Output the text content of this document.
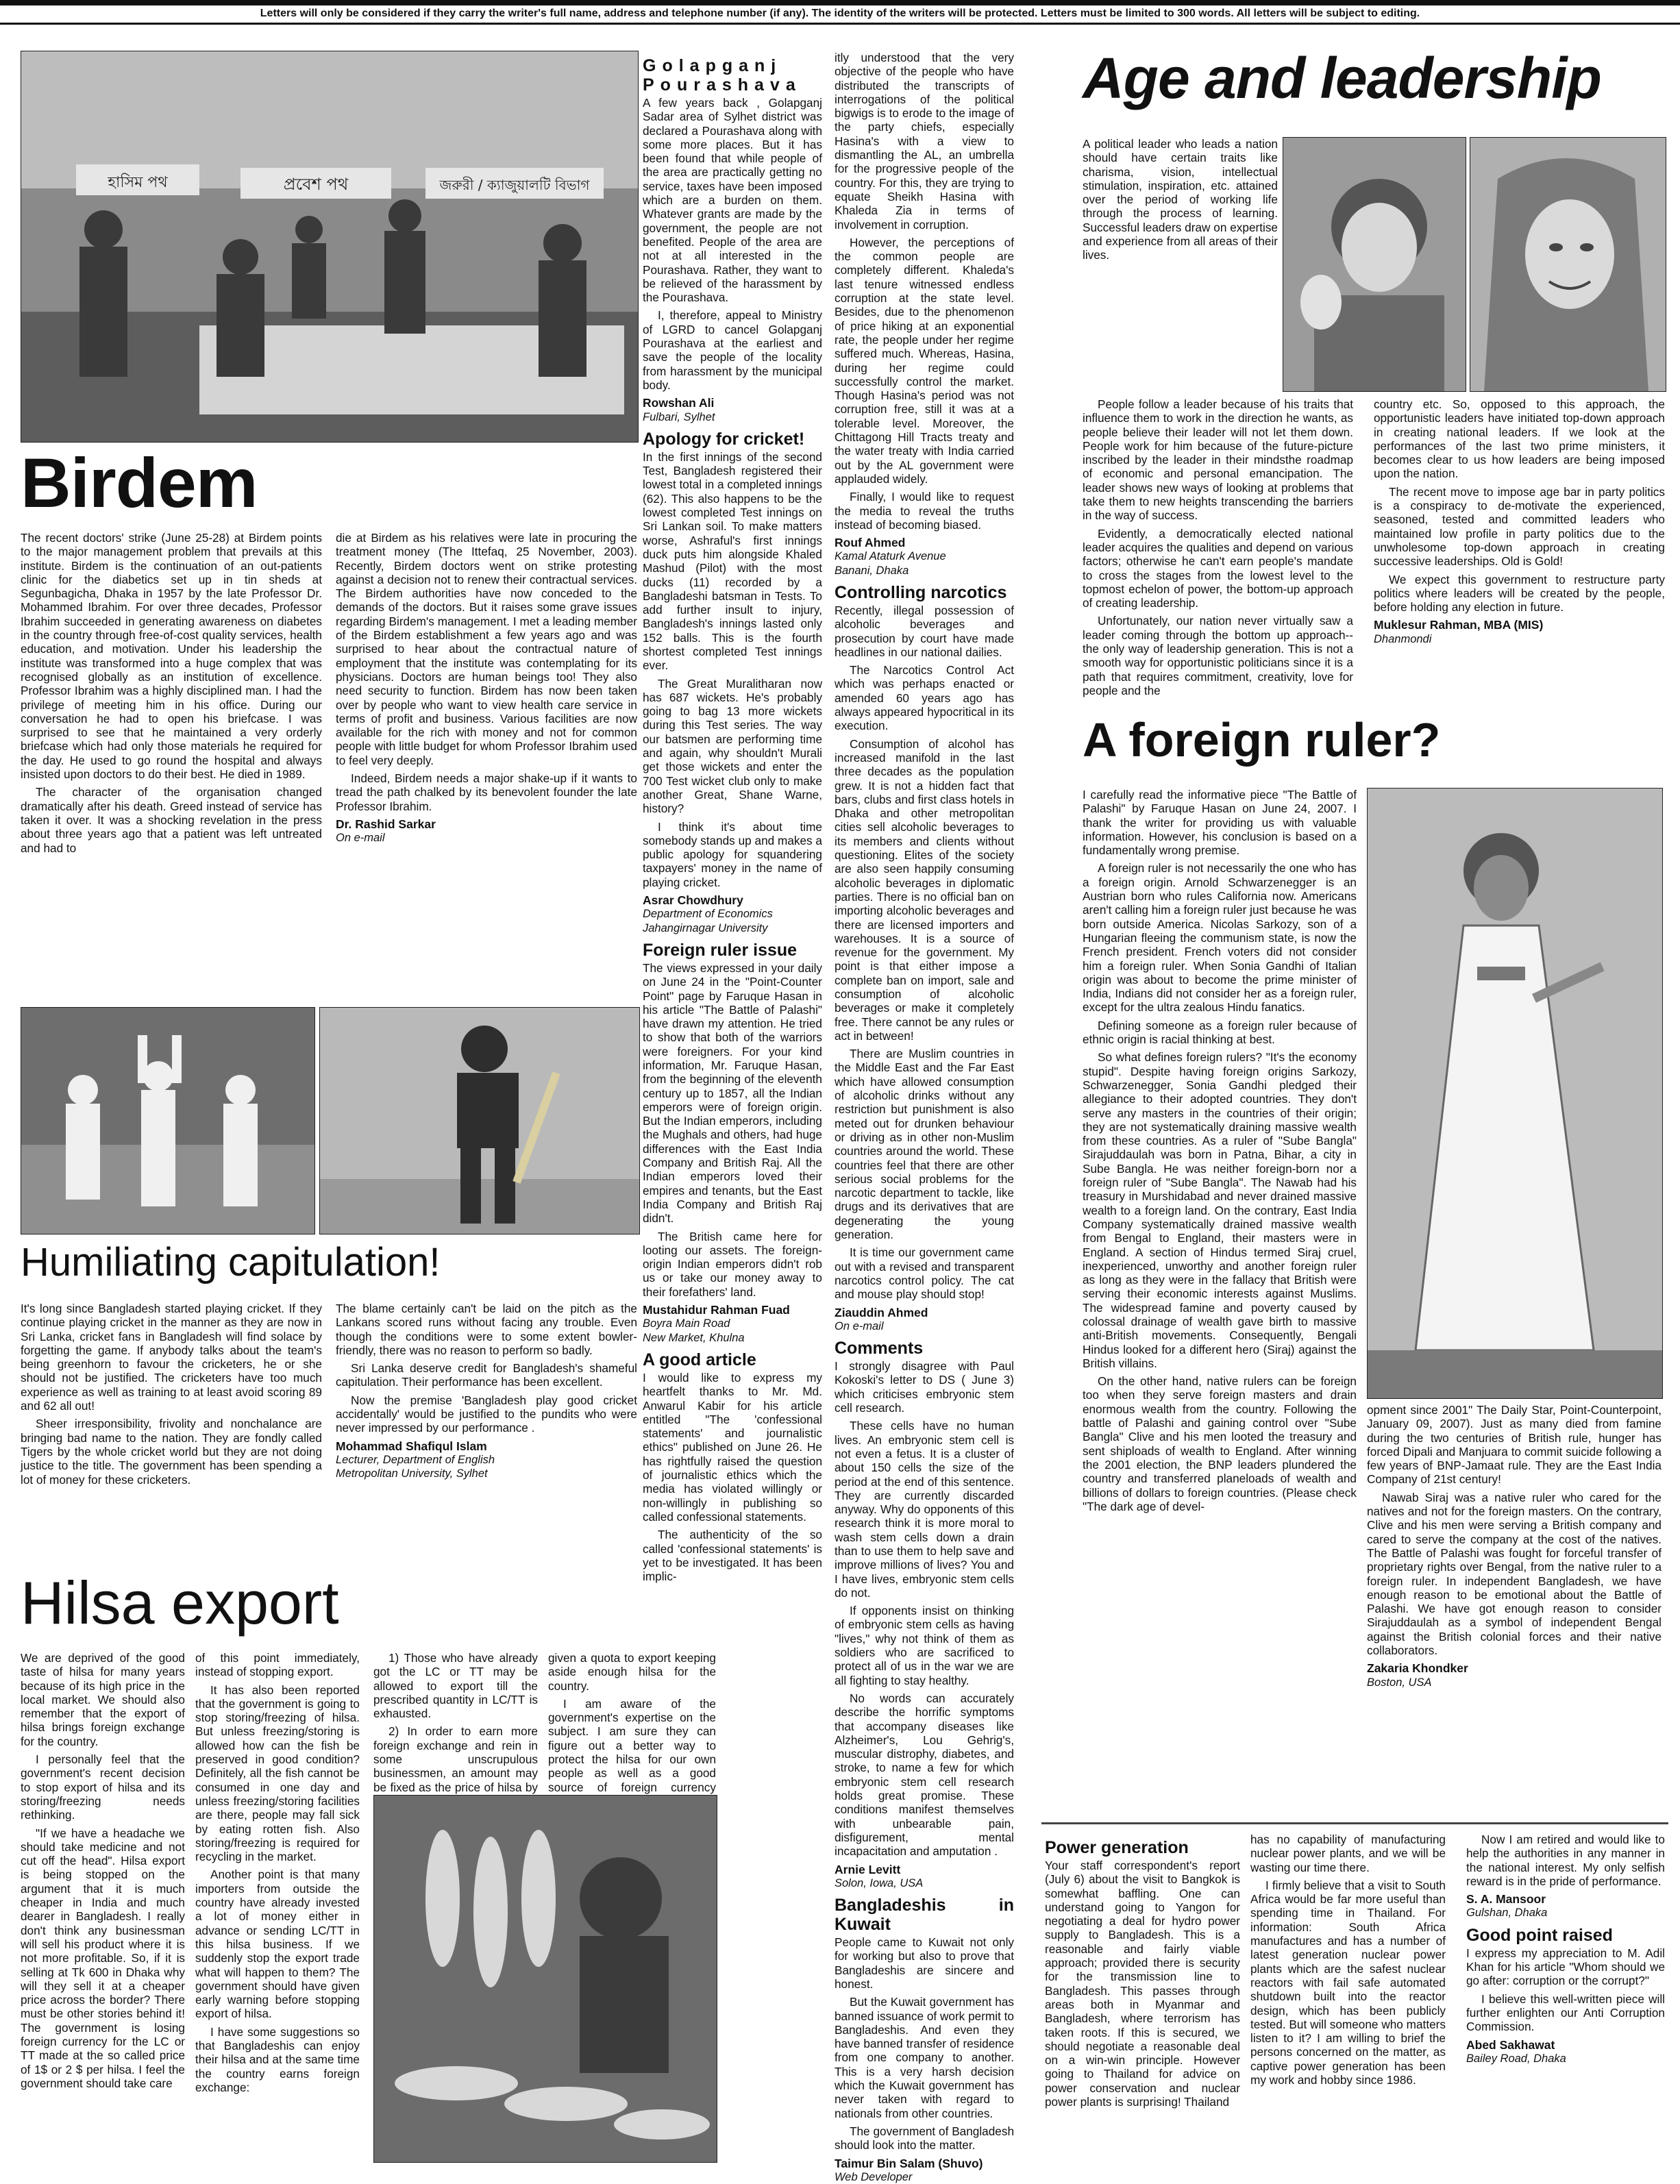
Letters will only be considered if they carry the writer's full name, address and telephone number (if any). The identity of the writers will be protected. Letters must be limited to 300 words. All letters will be subject to editing.
হাসিম পথ	প্রবেশ পথ	জরুরী / ক্যাজুয়ালটি বিভাগ
Birdem

The recent doctors' strike (June 25-28) at Birdem points to the major management problem that prevails at this institute. Birdem is the continuation of an out-patients clinic for the diabetics set up in tin sheds at Segunbagicha, Dhaka in 1957 by the late Professor Dr. Mohammed Ibrahim. For over three decades, Professor Ibrahim succeeded in generating awareness on diabetes in the country through free-of-cost quality services, health education, and motivation. Under his leadership the institute was transformed into a huge complex that was recognised globally as an institution of excellence. Professor Ibrahim was a highly disciplined man. I had the privilege of meeting him in his office. During our conversation he had to open his briefcase. I was surprised to see that he maintained a very orderly briefcase which had only those materials he required for the day. He used to go round the hospital and always insisted upon doctors to do their best. He died in 1989.

The character of the organisation changed dramatically after his death. Greed instead of service has taken it over. It was a shocking revelation in the press about three years ago that a patient was left untreated and had to

die at Birdem as his relatives were late in procuring the treatment money (The Ittefaq, 25 November, 2003). Recently, Birdem doctors went on strike protesting against a decision not to renew their contractual services. The Birdem authorities have now conceded to the demands of the doctors. But it raises some grave issues regarding Birdem's management. I met a leading member of the Birdem establishment a few years ago and was surprised to hear about the contractual nature of employment that the institute was contemplating for its physicians. Doctors are human beings too! They also need security to function. Birdem has now been taken over by people who want to view health care service in terms of profit and business. Various facilities are now available for the rich with money and not for common people with little budget for whom Professor Ibrahim used to feel very deeply.

Indeed, Birdem needs a major shake-up if it wants to tread the path chalked by its benevolent founder the late Professor Ibrahim.

Dr. Rashid Sarkar
On e-mail
Humiliating capitulation!

It's long since Bangladesh started playing cricket. If they continue playing cricket in the manner as they are now in Sri Lanka, cricket fans in Bangladesh will find solace by forgetting the game. If anybody talks about the team's being greenhorn to favour the cricketers, he or she should not be justified. The cricketers have too much experience as well as training to at least avoid scoring 89 and 62 all out!

Sheer irresponsibility, frivolity and nonchalance are bringing bad name to the nation. They are fondly called Tigers by the whole cricket world but they are not doing justice to the title. The government has been spending a lot of money for these cricketers.

The blame certainly can't be laid on the pitch as the Lankans scored runs without facing any trouble. Even though the conditions were to some extent bowler-friendly, there was no reason to perform so badly.

Sri Lanka deserve credit for Bangladesh's shameful capitulation. Their performance has been excellent.

Now the premise 'Bangladesh play good cricket accidentally' would be justified to the pundits who were never impressed by our performance .

Mohammad Shafiqul Islam
Lecturer, Department of English
Metropolitan University, Sylhet
Hilsa export

We are deprived of the good taste of hilsa for many years because of its high price in the local market. We should also remember that the export of hilsa brings foreign exchange for the country.

I personally feel that the government's recent decision to stop export of hilsa and its storing/freezing needs rethinking.

"If we have a headache we should take medicine and not cut off the head". Hilsa export is being stopped on the argument that it is much cheaper in India and much dearer in Bangladesh. I really don't think any businessman will sell his product where it is not more profitable. So, if it is selling at Tk 600 in Dhaka why will they sell it at a cheaper price across the border? There must be other stories behind it! The government is losing foreign currency for the LC or TT made at the so called price of 1$ or 2 $ per hilsa. I feel the government should take care

of this point immediately, instead of stopping export.

It has also been reported that the government is going to stop storing/freezing of hilsa. But unless freezing/storing is allowed how can the fish be preserved in good condition? Definitely, all the fish cannot be consumed in one day and unless freezing/storing facilities are there, people may fall sick by eating rotten fish. Also storing/freezing is required for recycling in the market.

Another point is that many importers from outside the country have already invested a lot of money either in advance or sending LC/TT in this hilsa business. If we suddenly stop the export trade what will happen to them? The government should have given early warning before stopping export of hilsa.

I have some suggestions so that Bangladeshis can enjoy their hilsa and at the same time the country earns foreign exchange:

1) Those who have already got the LC or TT may be allowed to export till the prescribed quantity in LC/TT is exhausted.

2) In order to earn more foreign exchange and rein in some unscrupulous businessmen, an amount may be fixed as the price of hilsa by

given a quota to export keeping aside enough hilsa for the country.

I am aware of the government's expertise on the subject. I am sure they can figure out a better way to protect the hilsa for our own people as well as a good source of foreign currency

Golapganj Pourashava

A few years back , Golapganj Sadar area of Sylhet district was declared a Pourashava along with some more places. But it has been found that while people of the area are practically getting no service, taxes have been imposed which are a burden on them. Whatever grants are made by the government, the people are not benefited. People of the area are not at all interested in the Pourashava. Rather, they want to be relieved of the harassment by the Pourashava.

I, therefore, appeal to Ministry of LGRD to cancel Golapganj Pourashava at the earliest and save the people of the locality from harassment by the municipal body.

Rowshan Ali
Fulbari, Sylhet
Apology for cricket!

In the first innings of the second Test, Bangladesh registered their lowest total in a completed innings (62). This also happens to be the lowest completed Test innings on Sri Lankan soil. To make matters worse, Ashraful's first innings duck puts him alongside Khaled Mashud (Pilot) with the most ducks (11) recorded by a Bangladeshi batsman in Tests. To add further insult to injury, Bangladesh's innings lasted only 152 balls. This is the fourth shortest completed Test innings ever.

The Great Muralitharan now has 687 wickets. He's probably going to bag 13 more wickets during this Test series. The way our batsmen are performing time and again, why shouldn't Murali get those wickets and enter the 700 Test wicket club only to make another Great, Shane Warne, history?

I think it's about time somebody stands up and makes a public apology for squandering taxpayers' money in the name of playing cricket.

Asrar Chowdhury
Department of Economics
Jahangirnagar University
Foreign ruler issue

The views expressed in your daily on June 24 in the "Point-Counter Point" page by Faruque Hasan in his article "The Battle of Palashi" have drawn my attention. He tried to show that both of the warriors were foreigners. For your kind information, Mr. Faruque Hasan, from the beginning of the eleventh century up to 1857, all the Indian emperors were of foreign origin. But the Indian emperors, including the Mughals and others, had huge differences with the East India Company and British Raj. All the Indian emperors loved their empires and tenants, but the East India Company and British Raj didn't.

The British came here for looting our assets. The foreign-origin Indian emperors didn't rob us or take our money away to their forefathers' land.

Mustahidur Rahman Fuad
Boyra Main Road
New Market, Khulna
A good article

I would like to express my heartfelt thanks to Mr. Md. Anwarul Kabir for his article entitled "The 'confessional statements' and journalistic ethics" published on June 26. He has rightfully raised the question of journalistic ethics which the media has violated willingly or non-willingly in publishing so called confessional statements.

The authenticity of the so called 'confessional statements' is yet to be investigated. It has been implic-

itly understood that the very objective of the people who have distributed the transcripts of interrogations of the political bigwigs is to erode to the image of the party chiefs, especially Hasina's with a view to dismantling the AL, an umbrella for the progressive people of the country. For this, they are trying to equate Sheikh Hasina with Khaleda Zia in terms of involvement in corruption.

However, the perceptions of the common people are completely different. Khaleda's last tenure witnessed endless corruption at the state level. Besides, due to the phenomenon of price hiking at an exponential rate, the people under her regime suffered much. Whereas, Hasina, during her regime could successfully control the market. Though Hasina's period was not corruption free, still it was at a tolerable level. Moreover, the Chittagong Hill Tracts treaty and the water treaty with India carried out by the AL government were applauded widely.

Finally, I would like to request the media to reveal the truths instead of becoming biased.

Rouf Ahmed
Kamal Ataturk Avenue
Banani, Dhaka
Controlling narcotics

Recently, illegal possession of alcoholic beverages and prosecution by court have made headlines in our national dailies.

The Narcotics Control Act which was perhaps enacted or amended 60 years ago has always appeared hypocritical in its execution.

Consumption of alcohol has increased manifold in the last three decades as the population grew. It is not a hidden fact that bars, clubs and first class hotels in Dhaka and other metropolitan cities sell alcoholic beverages to its members and clients without questioning. Elites of the society are also seen happily consuming alcoholic beverages in diplomatic parties. There is no official ban on importing alcoholic beverages and there are licensed importers and warehouses. It is a source of revenue for the government. My point is that either impose a complete ban on import, sale and consumption of alcoholic beverages or make it completely free. There cannot be any rules or act in between!

There are Muslim countries in the Middle East and the Far East which have allowed consumption of alcoholic drinks without any restriction but punishment is also meted out for drunken behaviour or driving as in other non-Muslim countries around the world. These countries feel that there are other serious social problems for the narcotic department to tackle, like drugs and its derivatives that are degenerating the young generation.

It is time our government came out with a revised and transparent narcotics control policy. The cat and mouse play should stop!

Ziauddin Ahmed
On e-mail
Comments

I strongly disagree with Paul Kokoski's letter to DS ( June 3) which criticises embryonic stem cell research.

These cells have no human lives. An embryonic stem cell is not even a fetus. It is a cluster of about 150 cells the size of the period at the end of this sentence. They are currently discarded anyway. Why do opponents of this research think it is more moral to wash stem cells down a drain than to use them to help save and improve millions of lives? You and I have lives, embryonic stem cells do not.

If opponents insist on thinking of embryonic stem cells as having "lives," why not think of them as soldiers who are sacrificed to protect all of us in the war we are all fighting to stay healthy.

No words can accurately describe the horrific symptoms that accompany diseases like Alzheimer's, Lou Gehrig's, muscular distrophy, diabetes, and stroke, to name a few for which embryonic stem cell research holds great promise. These conditions manifest themselves with unbearable pain, disfigurement, mental incapacitation and amputation .

Arnie Levitt
Solon, Iowa, USA
Bangladeshis in Kuwait

People came to Kuwait not only for working but also to prove that Bangladeshis are sincere and honest.

But the Kuwait government has banned issuance of work permit to Bangladeshis. And even they have banned transfer of residence from one company to another. This is a very harsh decision which the Kuwait government has never taken with regard to nationals from other countries.

The government of Bangladesh should look into the matter.

Taimur Bin Salam (Shuvo)
Web Developer
Age and leadership

A political leader who leads a nation should have certain traits like charisma, vision, intellectual stimulation, inspiration, etc. attained over the period of working life through the process of learning. Successful leaders draw on expertise and experience from all areas of their lives.

People follow a leader because of his traits that influence them to work in the direction he wants, as people believe their leader will not let them down. People work for him because of the future-picture inscribed by the leader in their mindsthe roadmap of economic and personal emancipation. The leader shows new ways of looking at problems that take them to new heights transcending the barriers in the way of success.

Evidently, a democratically elected national leader acquires the qualities and depend on various factors; otherwise he can't earn people's mandate to cross the stages from the lowest level to the topmost echelon of power, the bottom-up approach of creating leadership.

Unfortunately, our nation never virtually saw a leader coming through the bottom up approach-- the only way of leadership generation. This is not a smooth way for opportunistic politicians since it is a path that requires commitment, creativity, love for people and the

country etc. So, opposed to this approach, the opportunistic leaders have initiated top-down approach in creating national leaders. If we look at the performances of the last two prime ministers, it becomes clear to us how leaders are being imposed upon the nation.

The recent move to impose age bar in party politics is a conspiracy to de-motivate the experienced, seasoned, tested and committed leaders who maintained low profile in party politics due to the unwholesome top-down approach in creating successive leaderships. Old is Gold!

We expect this government to restructure party politics where leaders will be created by the people, before holding any election in future.

Muklesur Rahman, MBA (MIS)
Dhanmondi
A foreign ruler?

I carefully read the informative piece "The Battle of Palashi" by Faruque Hasan on June 24, 2007. I thank the writer for providing us with valuable information. However, his conclusion is based on a fundamentally wrong premise.

A foreign ruler is not necessarily the one who has a foreign origin. Arnold Schwarzenegger is an Austrian born who rules California now. Americans aren't calling him a foreign ruler just because he was born outside America. Nicolas Sarkozy, son of a Hungarian fleeing the communism state, is now the French president. French voters did not consider him a foreign ruler. When Sonia Gandhi of Italian origin was about to become the prime minister of India, Indians did not consider her as a foreign ruler, except for the ultra zealous Hindu fanatics.

Defining someone as a foreign ruler because of ethnic origin is racial thinking at best.

So what defines foreign rulers? "It's the economy stupid". Despite having foreign origins Sarkozy, Schwarzenegger, Sonia Gandhi pledged their allegiance to their adopted countries. They don't serve any masters in the countries of their origin; they are not systematically draining massive wealth from these countries. As a ruler of "Sube Bangla" Sirajuddaulah was born in Patna, Bihar, a city in Sube Bangla. He was neither foreign-born nor a foreign ruler of "Sube Bangla". The Nawab had his treasury in Murshidabad and never drained massive wealth to a foreign land. On the contrary, East India Company systematically drained massive wealth from Bengal to England, their masters were in England. A section of Hindus termed Siraj cruel, inexperienced, unworthy and another foreign ruler as long as they were in the fallacy that British were serving their economic interests against Muslims. The widespread famine and poverty caused by colossal drainage of wealth gave birth to massive anti-British movements. Consequently, Bengali Hindus looked for a different hero (Siraj) against the British villains.

On the other hand, native rulers can be foreign too when they serve foreign masters and drain enormous wealth from the country. Following the battle of Palashi and gaining control over "Sube Bangla" Clive and his men looted the treasury and sent shiploads of wealth to England. After winning the 2001 election, the BNP leaders plundered the country and transferred planeloads of wealth and billions of dollars to foreign countries. (Please check "The dark age of devel-

opment since 2001" The Daily Star, Point-Counterpoint, January 09, 2007). Just as many died from famine during the two centuries of British rule, hunger has forced Dipali and Manjuara to commit suicide following a few years of BNP-Jamaat rule. They are the East India Company of 21st century!

Nawab Siraj was a native ruler who cared for the natives and not for the foreign masters. On the contrary, Clive and his men were serving a British company and cared to serve the company at the cost of the natives. The Battle of Palashi was fought for forceful transfer of proprietary rights over Bengal, from the native ruler to a foreign ruler. In independent Bangladesh, we have enough reason to be emotional about the Battle of Palashi. We have got enough reason to consider Sirajuddaulah as a symbol of independent Bengal against the British colonial forces and their native collaborators.

Zakaria Khondker
Boston, USA
Power generation

Your staff correspondent's report (July 6) about the visit to Bangkok is somewhat baffling. One can understand going to Yangon for negotiating a deal for hydro power supply to Bangladesh. This is a reasonable and fairly viable approach; provided there is security for the transmission line to Bangladesh. This passes through areas both in Myanmar and Bangladesh, where terrorism has taken roots. If this is secured, we should negotiate a reasonable deal on a win-win principle. However going to Thailand for advice on power conservation and nuclear power plants is surprising! Thailand

has no capability of manufacturing nuclear power plants, and we will be wasting our time there.

I firmly believe that a visit to South Africa would be far more useful than spending time in Thailand. For information: South Africa manufactures and has a number of latest generation nuclear power plants which are the safest nuclear reactors with fail safe automated shutdown built into the reactor design, which has been publicly tested. But will someone who matters listen to it? I am willing to brief the persons concerned on the matter, as captive power generation has been my work and hobby since 1986.

Now I am retired and would like to help the authorities in any manner in the national interest. My only selfish reward is in the pride of performance.

S. A. Mansoor
Gulshan, Dhaka
Good point raised

I express my appreciation to M. Adil Khan for his article "Whom should we go after: corruption or the corrupt?"

I believe this well-written piece will further enlighten our Anti Corruption Commission.

Abed Sakhawat
Bailey Road, Dhaka
